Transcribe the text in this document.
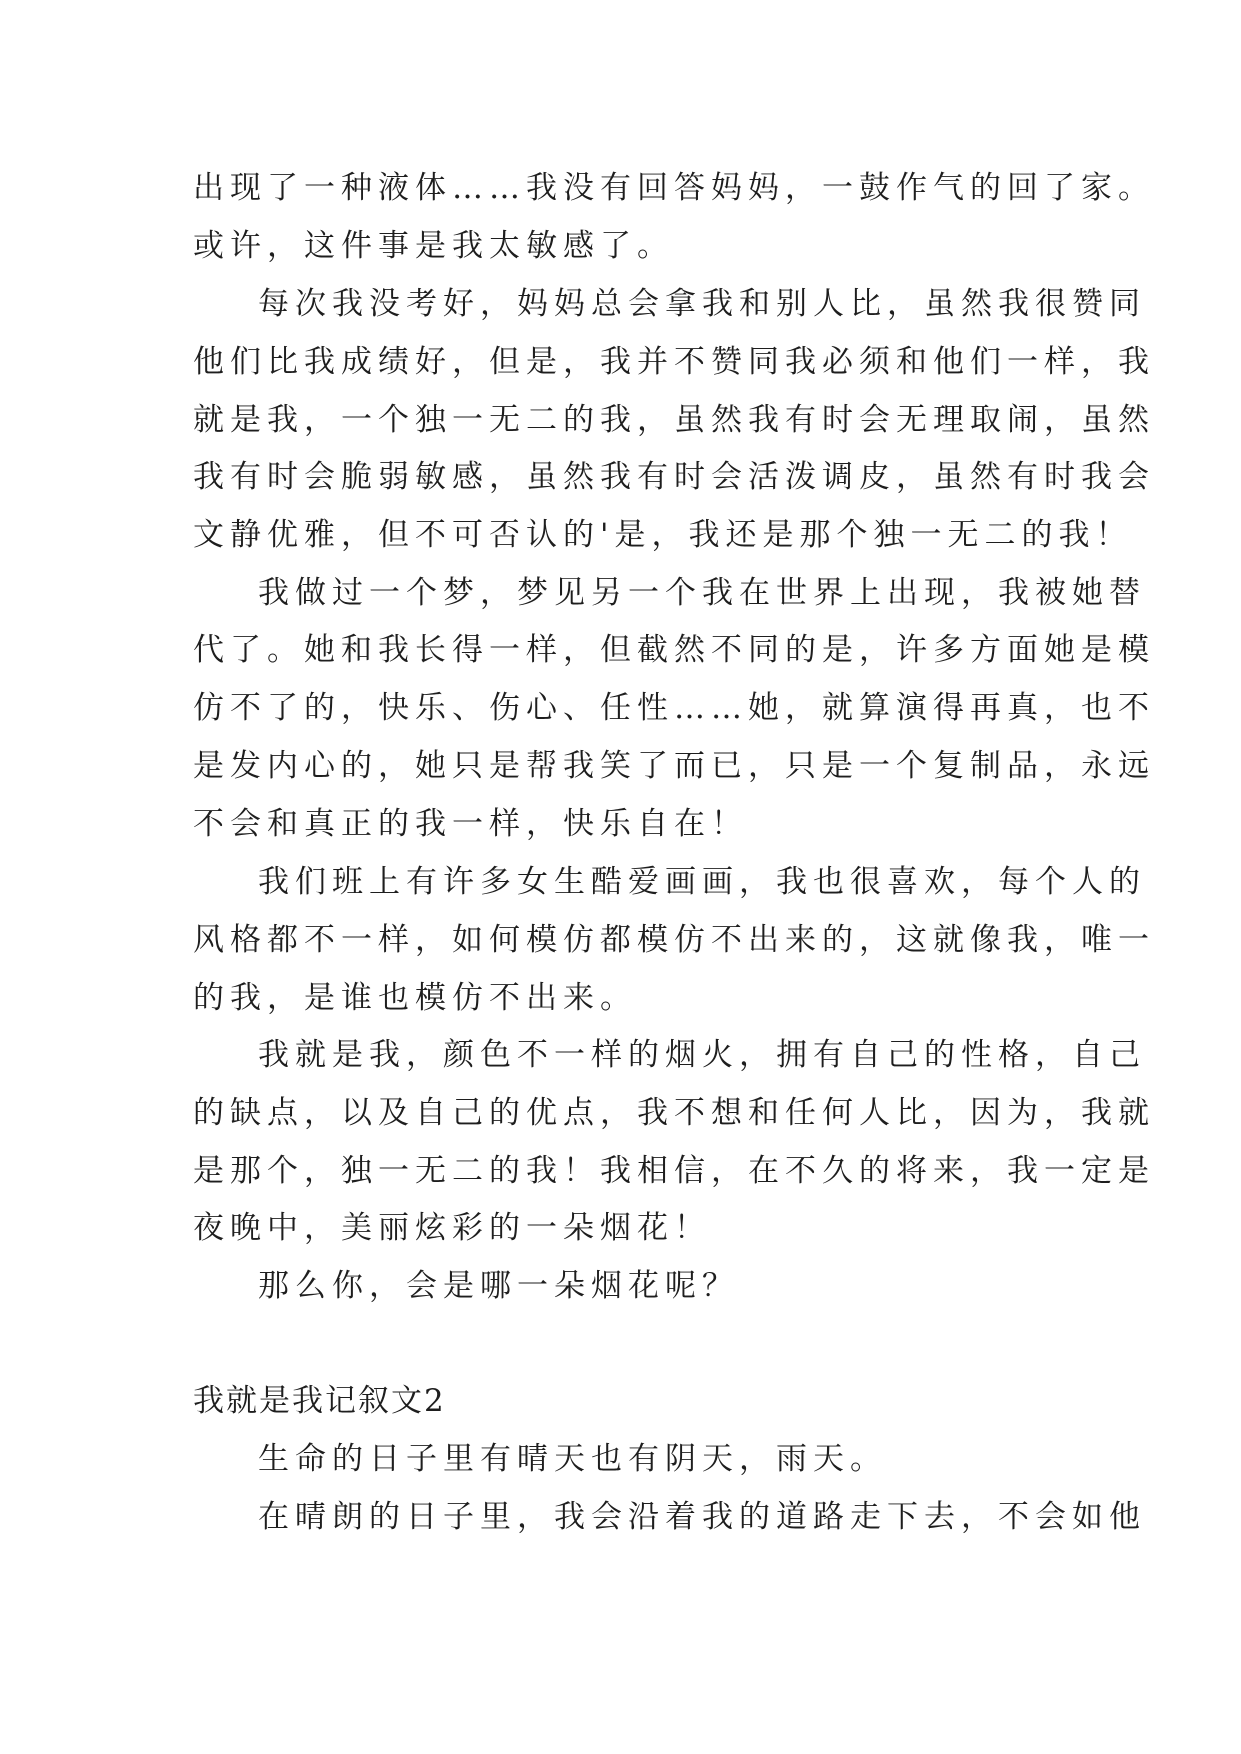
出现了一种液体……我没有回答妈妈，一鼓作气的回了家。

或许，这件事是我太敏感了。

每次我没考好，妈妈总会拿我和别人比，虽然我很赞同

他们比我成绩好，但是，我并不赞同我必须和他们一样，我

就是我，一个独一无二的我，虽然我有时会无理取闹，虽然

我有时会脆弱敏感，虽然我有时会活泼调皮，虽然有时我会

文静优雅，但不可否认的'是，我还是那个独一无二的我！

我做过一个梦，梦见另一个我在世界上出现，我被她替

代了。她和我长得一样，但截然不同的是，许多方面她是模

仿不了的，快乐、伤心、任性……她，就算演得再真，也不

是发内心的，她只是帮我笑了而已，只是一个复制品，永远

不会和真正的我一样，快乐自在！

我们班上有许多女生酷爱画画，我也很喜欢，每个人的

风格都不一样，如何模仿都模仿不出来的，这就像我，唯一

的我，是谁也模仿不出来。

我就是我，颜色不一样的烟火，拥有自己的性格，自己

的缺点，以及自己的优点，我不想和任何人比，因为，我就

是那个，独一无二的我！我相信，在不久的将来，我一定是

夜晚中，美丽炫彩的一朵烟花！

那么你，会是哪一朵烟花呢？

我就是我记叙文2

生命的日子里有晴天也有阴天，雨天。

在晴朗的日子里，我会沿着我的道路走下去，不会如他
